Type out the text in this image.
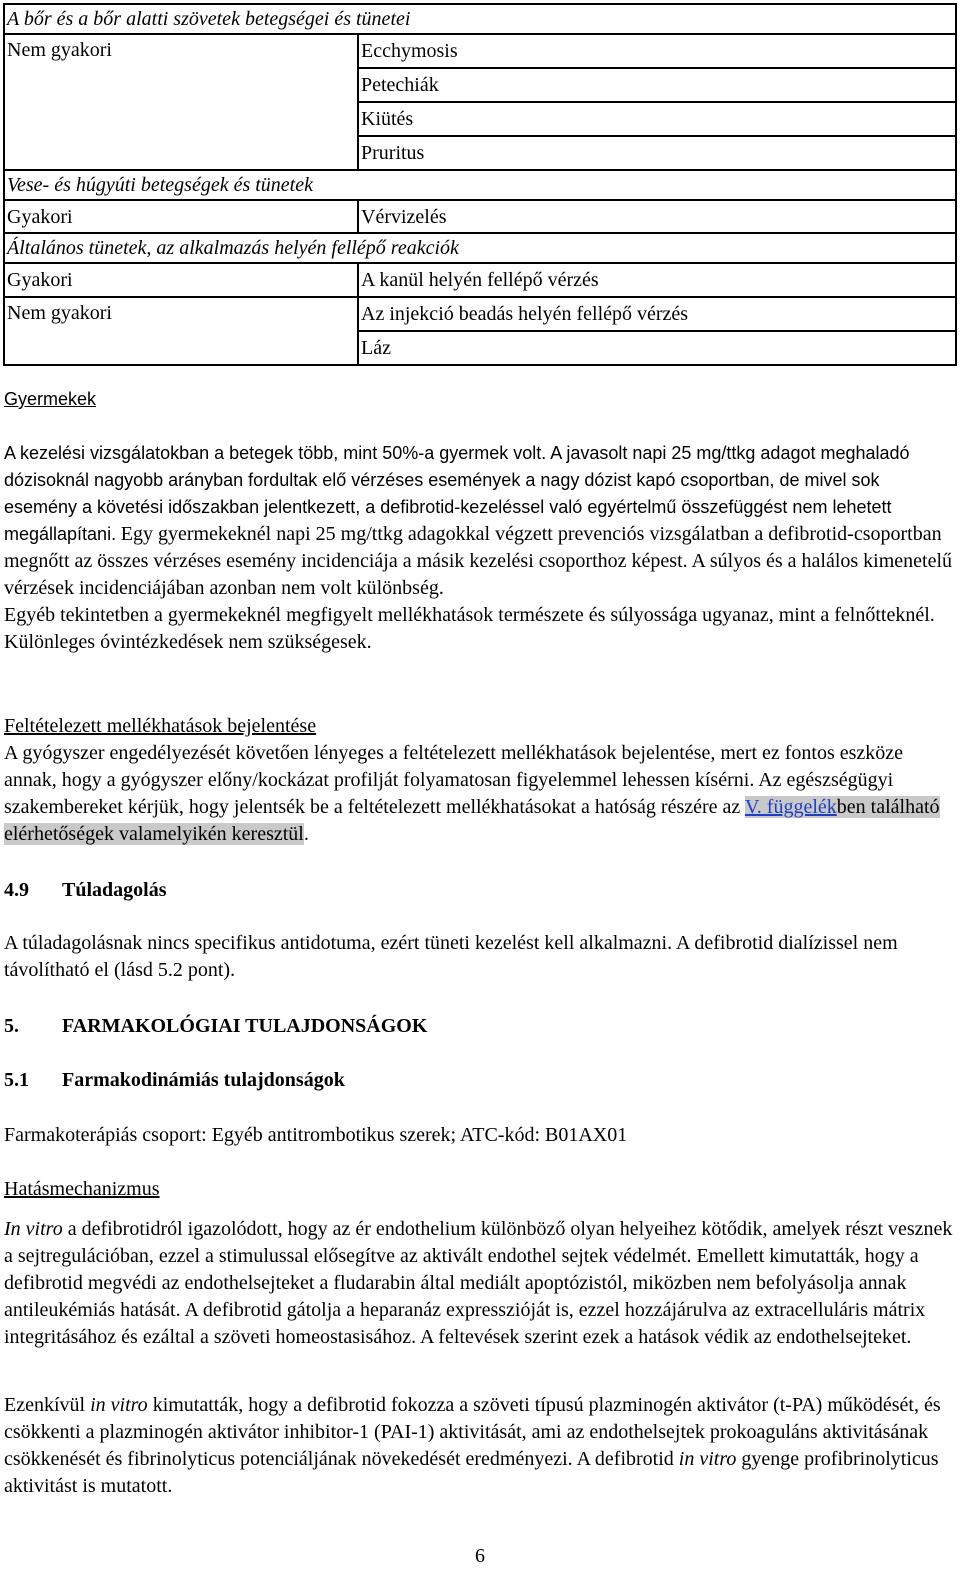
A bőr és a bőr alatti szövetek betegségei és tünetei	
Nem gyakori	Ecchymosis
	Petechiák
	Kiütés
	Pruritus
Vese- és húgyúti betegségek és tünetek	
Gyakori	Vérvizelés
Általános tünetek, az alkalmazás helyén fellépő reakciók	
Gyakori	A kanül helyén fellépő vérzés
Nem gyakori	Az injekció beadás helyén fellépő vérzés
	Láz
Gyermekek

A kezelési vizsgálatokban a betegek több, mint 50%-a gyermek volt. A javasolt napi 25 mg/ttkg adagot meghaladó dózisoknál nagyobb arányban fordultak elő vérzéses események a nagy dózist kapó csoportban, de mivel sok esemény a követési időszakban jelentkezett, a defibrotid-kezeléssel való egyértelmű összefüggést nem lehetett megállapítani. Egy gyermekeknél napi 25 mg/ttkg adagokkal végzett prevenciós vizsgálatban a defibrotid-csoportban megnőtt az összes vérzéses esemény incidenciája a másik kezelési csoporthoz képest. A súlyos és a halálos kimenetelű vérzések incidenciájában azonban nem volt különbség.

Egyéb tekintetben a gyermekeknél megfigyelt mellékhatások természete és súlyossága ugyanaz, mint a felnőtteknél. Különleges óvintézkedések nem szükségesek.

Feltételezett mellékhatások bejelentése
A gyógyszer engedélyezését követően lényeges a feltételezett mellékhatások bejelentése, mert ez fontos eszköze annak, hogy a gyógyszer előny/kockázat profilját folyamatosan figyelemmel lehessen kísérni. Az egészségügyi szakembereket kérjük, hogy jelentsék be a feltételezett mellékhatásokat a hatóság részére az V. függelékben található elérhetőségek valamelyikén keresztül.
4.9 Túladagolás
A túladagolásnak nincs specifikus antidotuma, ezért tüneti kezelést kell alkalmazni. A defibrotid dialízissel nem távolítható el (lásd 5.2 pont).
5. FARMAKOLÓGIAI TULAJDONSÁGOK
5.1 Farmakodinámiás tulajdonságok
Farmakoterápiás csoport: Egyéb antitrombotikus szerek; ATC-kód: B01AX01
Hatásmechanizmus
In vitro a defibrotidról igazolódott, hogy az ér endothelium különböző olyan helyeihez kötődik, amelyek részt vesznek a sejtregulációban, ezzel a stimulussal elősegítve az aktivált endothel sejtek védelmét. Emellett kimutatták, hogy a defibrotid megvédi az endothelsejteket a fludarabin által mediált apoptózistól, miközben nem befolyásolja annak antileukémiás hatását. A defibrotid gátolja a heparanáz expresszióját is, ezzel hozzájárulva az extracelluláris mátrix integritásához és ezáltal a szöveti homeostasisához. A feltevések szerint ezek a hatások védik az endothelsejteket.
Ezenkívül in vitro kimutatták, hogy a defibrotid fokozza a szöveti típusú plazminogén aktivátor (t-PA) működését, és csökkenti a plazminogén aktivátor inhibitor-1 (PAI-1) aktivitását, ami az endothelsejtek prokoaguláns aktivitásának csökkenését és fibrinolyticus potenciáljának növekedését eredményezi. A defibrotid in vitro gyenge profibrinolyticus aktivitást is mutatott.
6
